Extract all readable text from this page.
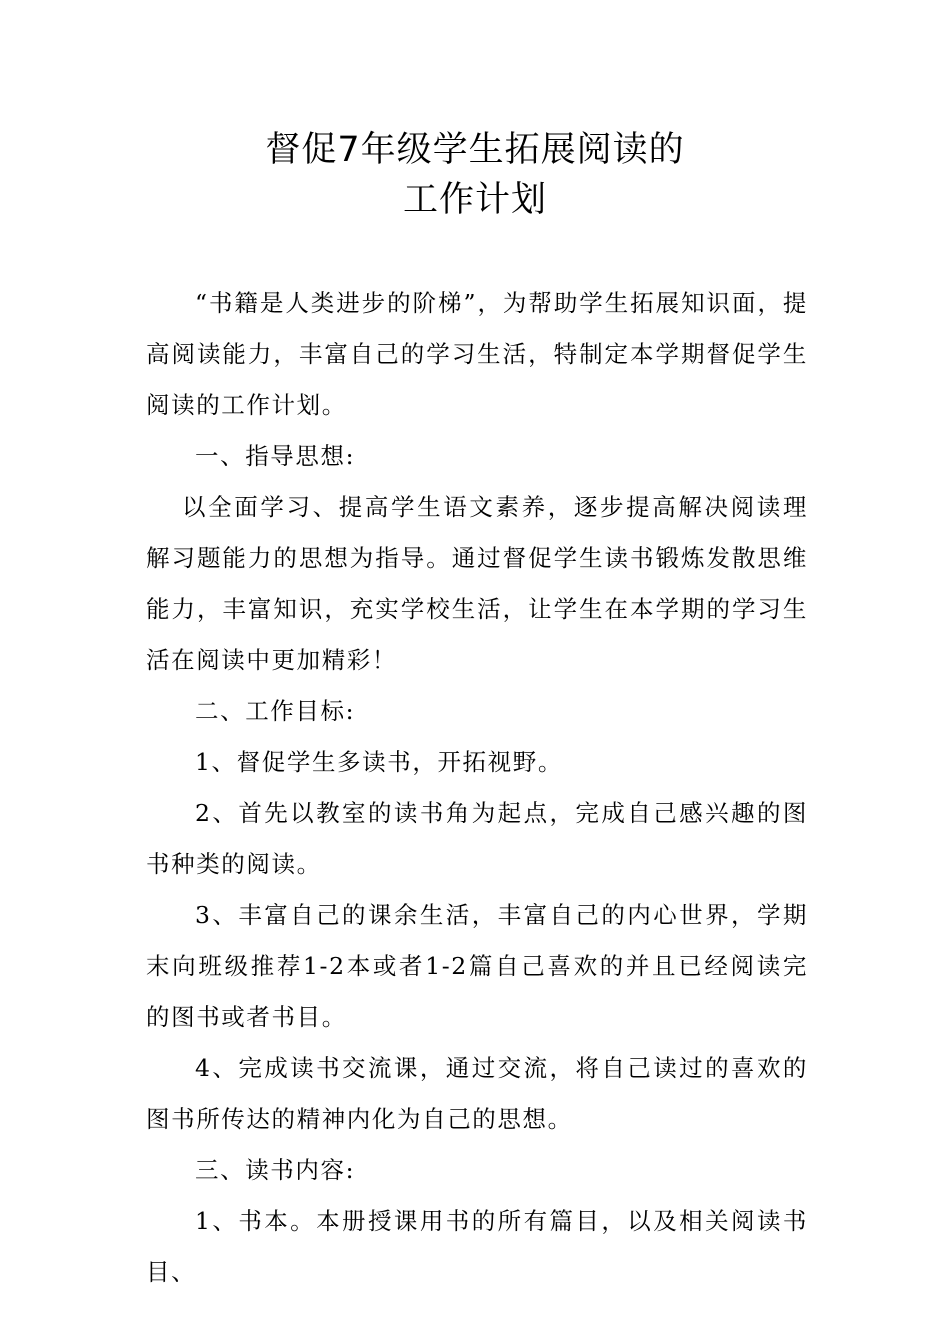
督促7年级学生拓展阅读的
工作计划

“书籍是人类进步的阶梯”，为帮助学生拓展知识面，提高阅读能力，丰富自己的学习生活，特制定本学期督促学生阅读的工作计划。

一、指导思想:

以全面学习、提高学生语文素养，逐步提高解决阅读理解习题能力的思想为指导。通过督促学生读书锻炼发散思维能力，丰富知识，充实学校生活，让学生在本学期的学习生活在阅读中更加精彩！

二、工作目标:

1、督促学生多读书，开拓视野。

2、首先以教室的读书角为起点，完成自己感兴趣的图书种类的阅读。

3、丰富自己的课余生活，丰富自己的内心世界，学期末向班级推荐1-2本或者1-2篇自己喜欢的并且已经阅读完的图书或者书目。

4、完成读书交流课，通过交流，将自己读过的喜欢的图书所传达的精神内化为自己的思想。

三、读书内容:

1、书本。本册授课用书的所有篇目，以及相关阅读书目、
